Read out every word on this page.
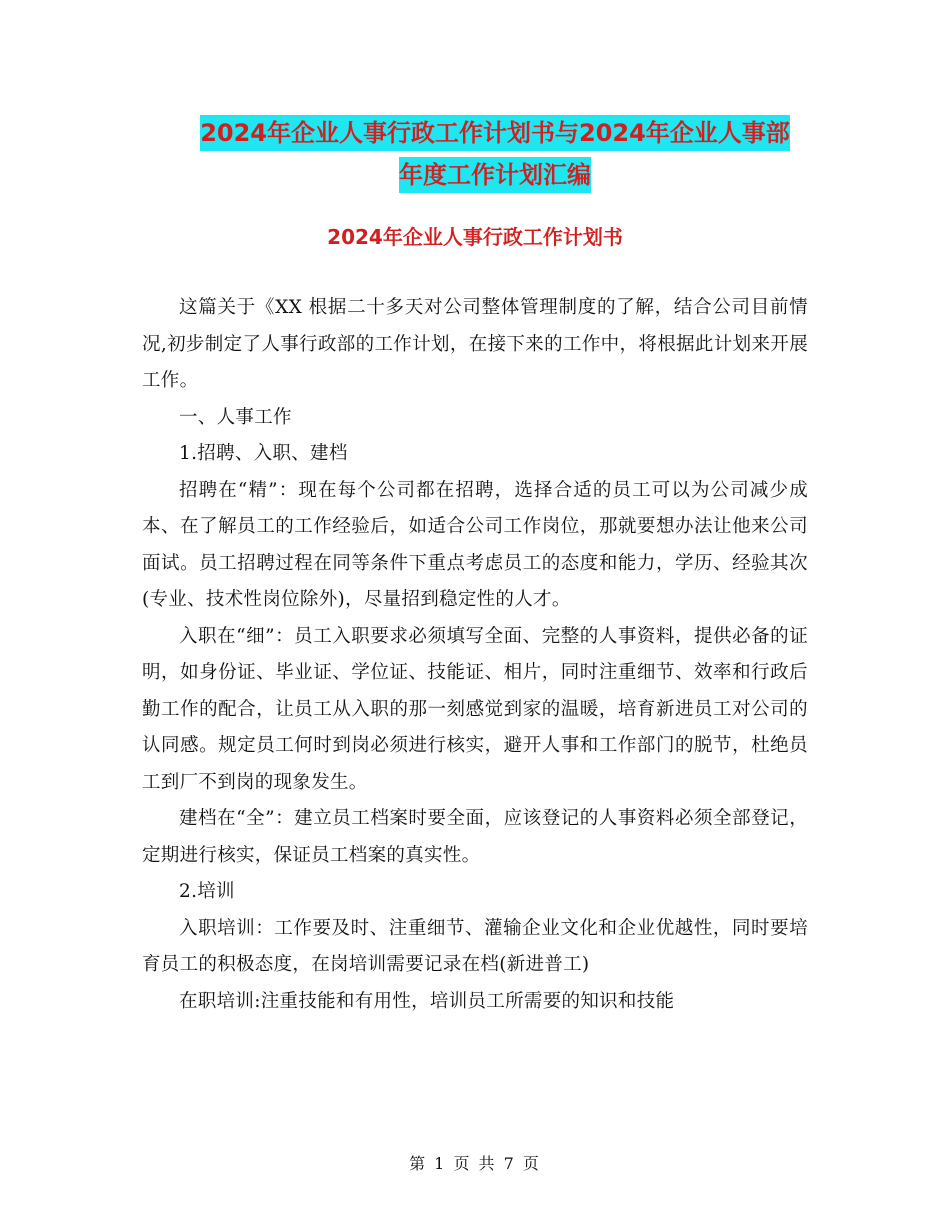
2024年企业人事行政工作计划书与2024年企业人事部
年度工作计划汇编
2024年企业人事行政工作计划书

这篇关于《XX 根据二十多天对公司整体管理制度的了解，结合公司目前情况,初步制定了人事行政部的工作计划，在接下来的工作中，将根据此计划来开展工作。

一、人事工作

1.招聘、入职、建档

招聘在“精”：现在每个公司都在招聘，选择合适的员工可以为公司减少成本、在了解员工的工作经验后，如适合公司工作岗位，那就要想办法让他来公司面试。员工招聘过程在同等条件下重点考虑员工的态度和能力，学历、经验其次(专业、技术性岗位除外)，尽量招到稳定性的人才。

入职在“细”：员工入职要求必须填写全面、完整的人事资料，提供必备的证明，如身份证、毕业证、学位证、技能证、相片，同时注重细节、效率和行政后勤工作的配合，让员工从入职的那一刻感觉到家的温暖，培育新进员工对公司的认同感。规定员工何时到岗必须进行核实，避开人事和工作部门的脱节，杜绝员工到厂不到岗的现象发生。

建档在“全”：建立员工档案时要全面，应该登记的人事资料必须全部登记，定期进行核实，保证员工档案的真实性。

2.培训

入职培训：工作要及时、注重细节、灌输企业文化和企业优越性，同时要培育员工的积极态度，在岗培训需要记录在档(新进普工)

在职培训:注重技能和有用性，培训员工所需要的知识和技能

第 1 页 共 7 页
